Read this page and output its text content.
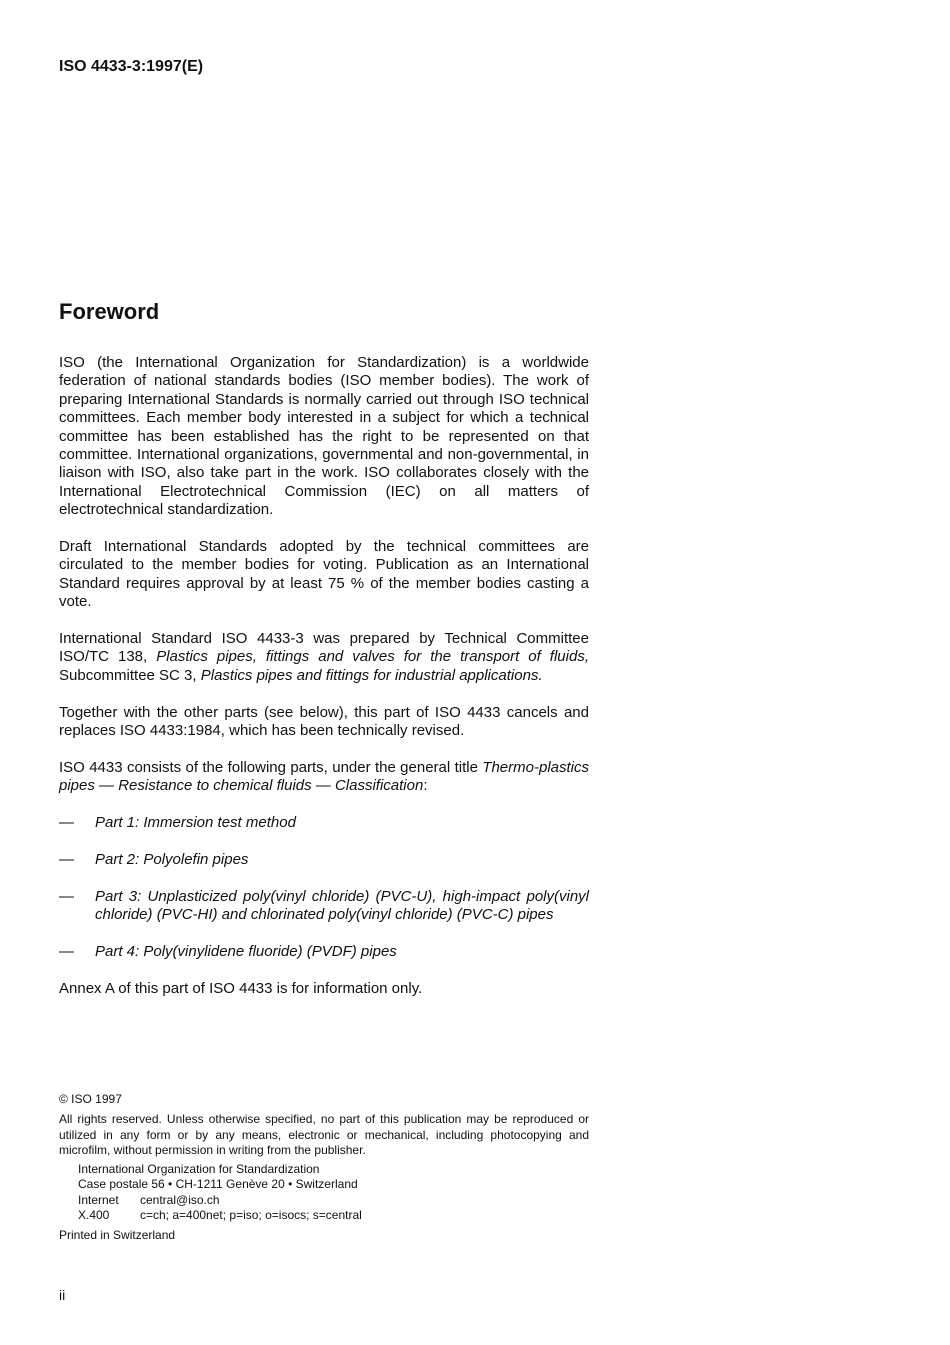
ISO 4433-3:1997(E)

Foreword

ISO (the International Organization for Standardization) is a worldwide federation of national standards bodies (ISO member bodies). The work of preparing International Standards is normally carried out through ISO technical committees. Each member body interested in a subject for which a technical committee has been established has the right to be represented on that committee. International organizations, governmental and non-governmental, in liaison with ISO, also take part in the work. ISO collaborates closely with the International Electrotechnical Commission (IEC) on all matters of electrotechnical standardization.

Draft International Standards adopted by the technical committees are circulated to the member bodies for voting. Publication as an International Standard requires approval by at least 75 % of the member bodies casting a vote.

International Standard ISO 4433-3 was prepared by Technical Committee ISO/TC 138, Plastics pipes, fittings and valves for the transport of fluids, Subcommittee SC 3, Plastics pipes and fittings for industrial applications.

Together with the other parts (see below), this part of ISO 4433 cancels and replaces ISO 4433:1984, which has been technically revised.

ISO 4433 consists of the following parts, under the general title Thermo-plastics pipes — Resistance to chemical fluids — Classification:

— Part 1: Immersion test method
— Part 2: Polyolefin pipes
— Part 3: Unplasticized poly(vinyl chloride) (PVC-U), high-impact poly(vinyl chloride) (PVC-HI) and chlorinated poly(vinyl chloride) (PVC-C) pipes
— Part 4: Poly(vinylidene fluoride) (PVDF) pipes

Annex A of this part of ISO 4433 is for information only.

© ISO 1997

All rights reserved. Unless otherwise specified, no part of this publication may be reproduced or utilized in any form or by any means, electronic or mechanical, including photocopying and microfilm, without permission in writing from the publisher.

International Organization for Standardization

Case postale 56 • CH-1211 Genève 20 • Switzerland

Internet	central@iso.ch
X.400	c=ch; a=400net; p=iso; o=isocs; s=central

Printed in Switzerland

ii
